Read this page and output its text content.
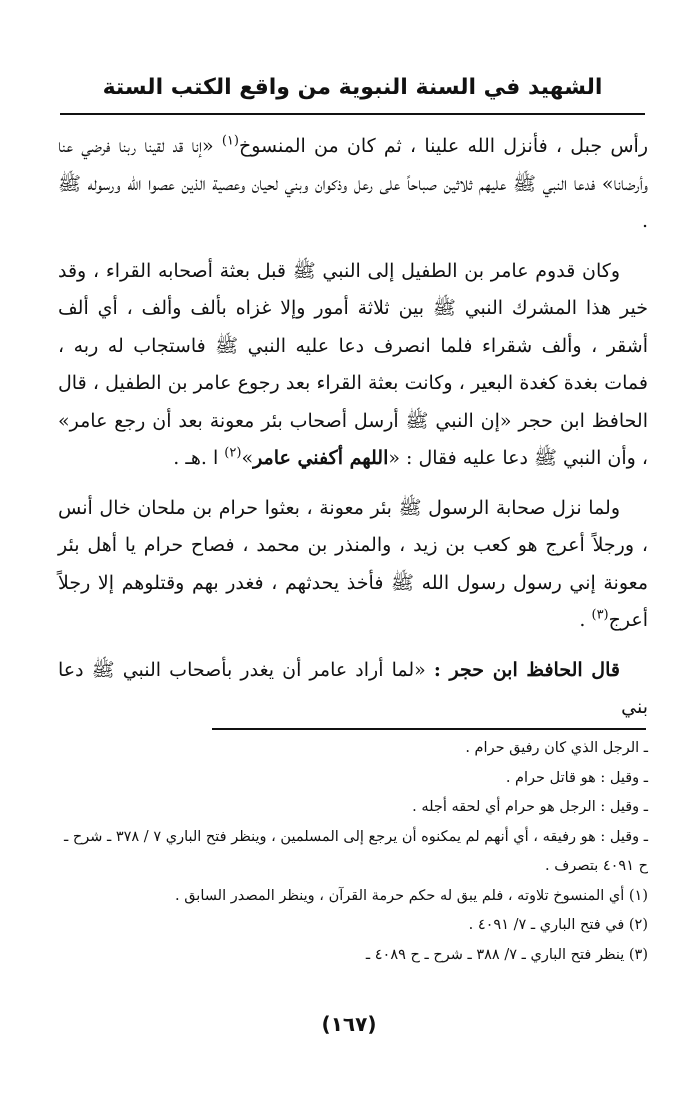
الشهيد في السنة النبوية من واقع الكتب الستة

رأس جبل ، فأنزل الله علينا ، ثم كان من المنسوخ$^{(١)}$ «إنا قد لقينا ربنا فرضي عنا وأرضانا» فدعا النبي ﷺ عليهم ثلاثين صباحاً على رعل وذكوان وبني لحيان وعصية الذين عصوا الله ورسوله ﷺ .

وكان قدوم عامر بن الطفيل إلى النبي ﷺ قبل بعثة أصحابه القراء ، وقد خير هذا المشرك النبي ﷺ بين ثلاثة أمور وإلا غزاه بألف وألف ، أي ألف أشقر ، وألف شقراء فلما انصرف دعا عليه النبي ﷺ فاستجاب له ربه ، فمات بغدة كغدة البعير ، وكانت بعثة القراء بعد رجوع عامر بن الطفيل ، قال الحافظ ابن حجر «إن النبي ﷺ أرسل أصحاب بئر معونة بعد أن رجع عامر» ، وأن النبي ﷺ دعا عليه فقال : «اللهم أكفني عامر»$^{(٢)}$ ا .هـ .

ولما نزل صحابة الرسول ﷺ بئر معونة ، بعثوا حرام بن ملحان خال أنس ، ورجلاً أعرج هو كعب بن زيد ، والمنذر بن محمد ، فصاح حرام يا أهل بئر معونة إني رسول رسول الله ﷺ فأخذ يحدثهم ، فغدر بهم وقتلوهم إلا رجلاً أعرج$^{(٣)}$ .

قال الحافظ ابن حجر : «لما أراد عامر أن يغدر بأصحاب النبي ﷺ دعا بني

ـ الرجل الذي كان رفيق حرام .
ـ وقيل : هو قاتل حرام .
ـ وقيل : الرجل هو حرام أي لحقه أجله .
ـ وقيل : هو رفيقه ، أي أنهم لم يمكنوه أن يرجع إلى المسلمين ، وينظر فتح الباري ٧ / ٣٧٨ ـ شرح ـ ح ٤٠٩١ بتصرف .
(١) أي المنسوخ تلاوته ، فلم يبق له حكم حرمة القرآن ، وينظر المصدر السابق .
(٢) في فتح الباري ـ ٧/ ٤٠٩١ .
(٣) ينظر فتح الباري ـ ٧/ ٣٨٨ ـ شرح ـ ح ٤٠٨٩ ـ
(١٦٧)
